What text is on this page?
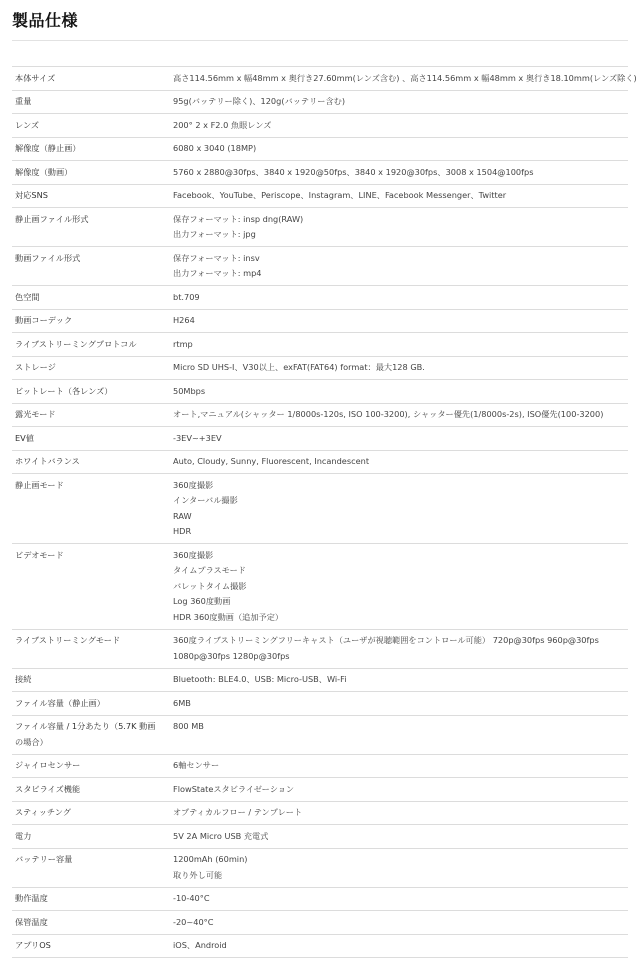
製品仕様
本体サイズ	高さ114.56mm x 幅48mm x 奥行き27.60mm(レンズ含む) 、高さ114.56mm x 幅48mm x 奥行き18.10mm(レンズ除く)

重量	95g(バッテリー除く)、120g(バッテリー含む)

レンズ	200° 2 x F2.0 魚眼レンズ

解像度（静止画）	6080 x 3040 (18MP)

解像度（動画）	5760 x 2880@30fps、3840 x 1920@50fps、3840 x 1920@30fps、3008 x 1504@100fps

対応SNS	Facebook、YouTube、Periscope、Instagram、LINE、Facebook Messenger、Twitter

静止画ファイル形式	保存フォーマット: insp dng(RAW)
出力フォーマット: jpg

動画ファイル形式	保存フォーマット: insv
出力フォーマット: mp4

色空間	bt.709

動画コーデック	H264

ライブストリーミングプロトコル	rtmp

ストレージ	Micro SD UHS-I、V30以上、exFAT(FAT64) format：最大128 GB.

ビットレート（各レンズ）	50Mbps

露光モード	オート,マニュアル(シャッター 1/8000s-120s, ISO 100-3200), シャッター優先(1/8000s-2s), ISO優先(100-3200)

EV値	-3EV~+3EV

ホワイトバランス	Auto, Cloudy, Sunny, Fluorescent, Incandescent

静止画モード	360度撮影
インターバル撮影
RAW
HDR

ビデオモード	360度撮影
タイムプラスモード
バレットタイム撮影
Log 360度動画
HDR 360度動画（追加予定）

ライブストリーミングモード	360度ライブストリーミングフリーキャスト（ユーザが視聴範囲をコントロール可能） 720p@30fps 960p@30fps
1080p@30fps 1280p@30fps

接続	Bluetooth: BLE4.0、USB: Micro-USB、Wi-Fi

ファイル容量（静止画）	6MB

ファイル容量 / 1分あたり（5.7K 動画の場合）	800 MB

ジャイロセンサー	6軸センサー

スタビライズ機能	FlowStateスタビライゼーション

スティッチング	オプティカルフロー / テンプレート

電力	5V 2A Micro USB 充電式

バッテリー容量	1200mAh (60min)
取り外し可能

動作温度	-10-40°C

保管温度	-20~40°C

アプリOS	iOS、Android
